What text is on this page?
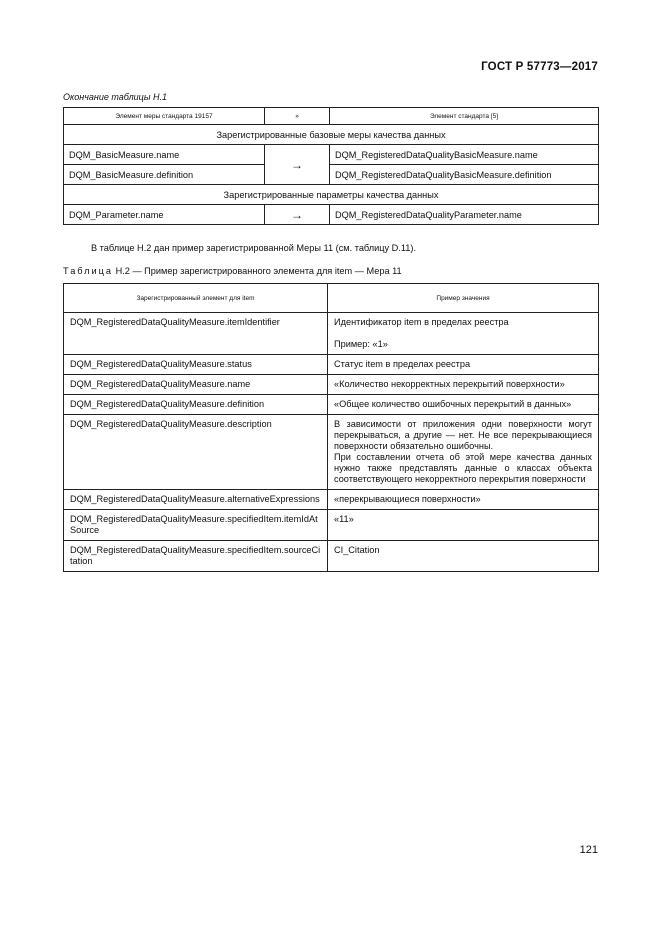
ГОСТ Р 57773—2017
Окончание таблицы Н.1
Элемент меры стандарта 19157	»	Элемент стандарта [5]
Зарегистрированные базовые меры качества данных		
DQM_BasicMeasure.name	→	DQM_RegisteredDataQualityBasicMeasure.name
DQM_BasicMeasure.definition		DQM_RegisteredDataQualityBasicMeasure.definition
Зарегистрированные параметры качества данных		
DQM_Parameter.name	→	DQM_RegisteredDataQualityParameter.name
В таблице Н.2 дан пример зарегистрированной Меры 11 (см. таблицу D.11).
Таблица Н.2 — Пример зарегистрированного элемента для item — Мера 11
Зарегистрированный элемент для item	Пример значения
DQM_RegisteredDataQualityMeasure.itemIdentifier	Идентификатор item в пределах реестра
Пример: «1»

DQM_RegisteredDataQualityMeasure.status	Статус item в пределах реестра
DQM_RegisteredDataQualityMeasure.name	«Количество некорректных перекрытий поверхности»
DQM_RegisteredDataQualityMeasure.definition	«Общее количество ошибочных перекрытий в данных»
DQM_RegisteredDataQualityMeasure.description	В зависимости от приложения одни поверхности могут перекрываться, а другие — нет. Не все перекрывающиеся поверхности обязательно ошибочны.

При составлении отчета об этой мере качества данных нужно также представлять данные о классах объекта соответствующего некорректного перекрытия поверхности

DQM_RegisteredDataQualityMeasure.alternativeExpressions	«перекрывающиеся поверхности»
DQM_RegisteredDataQualityMeasure.specifiedItem.itemIdAtSource	«11»
DQM_RegisteredDataQualityMeasure.specifiedItem.sourceCitation	CI_Citation
121
